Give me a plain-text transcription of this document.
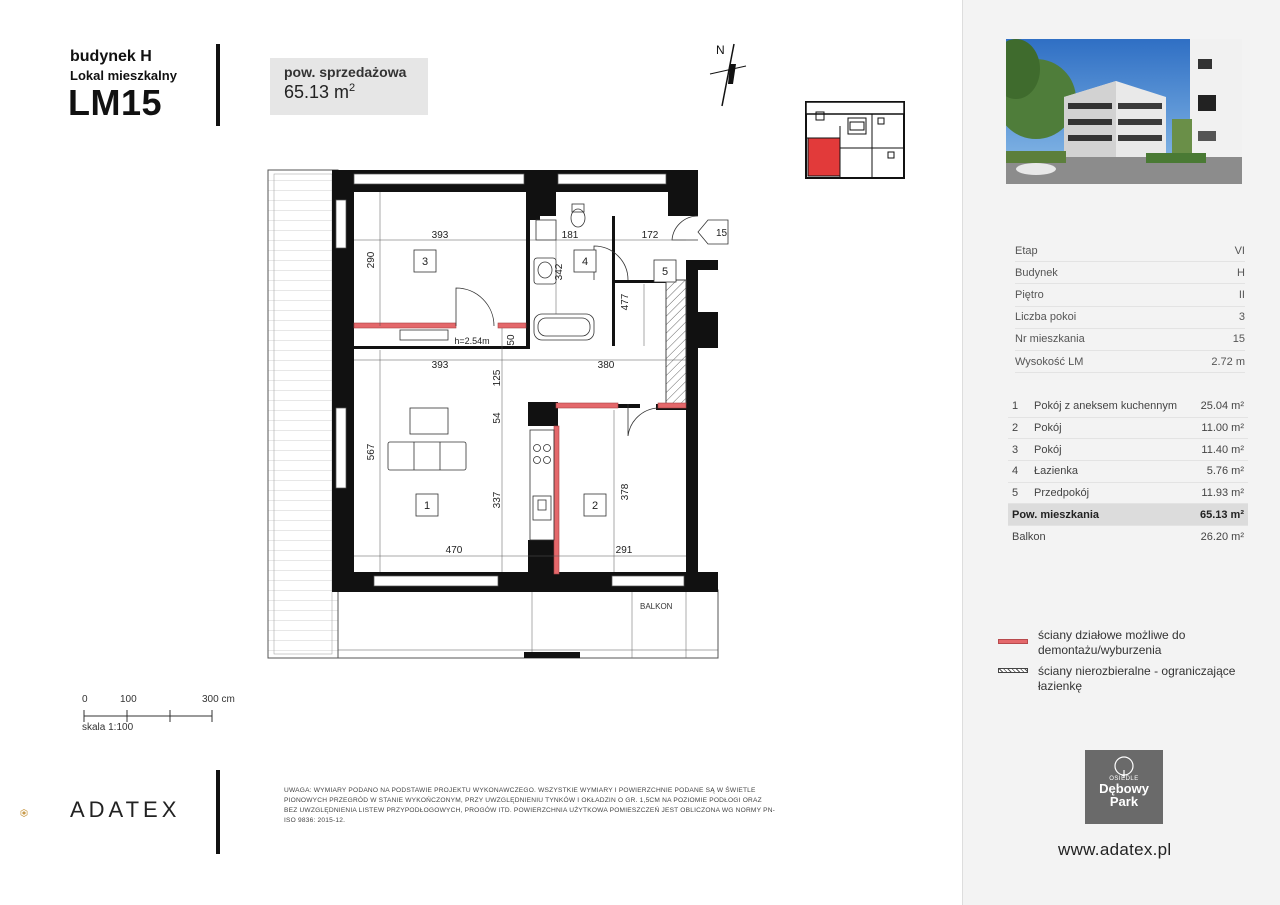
budynek H
Lokal mieszkalny
LM15
pow. sprzedażowa
65.13 $m^2$
N
BALKON
1	2
3	4
5
15
393	181	172
290
342
477
393	380
125
54
50
567
337	378
470	291
h=2.54m
0	100	300 cm
skala 1:100
ADATEX
UWAGA: WYMIARY PODANO NA PODSTAWIE PROJEKTU WYKONAWCZEGO. WSZYSTKIE WYMIARY I POWIERZCHNIE PODANE SĄ W ŚWIETLE PIONOWYCH PRZEGRÓD W STANIE WYKOŃCZONYM, PRZY UWZGLĘDNIENIU TYNKÓW I OKŁADZIN O GR. 1,5CM NA POZIOMIE PODŁOGI ORAZ BEZ UWZGLĘDNIENIA LISTEW PRZYPODŁOGOWYCH, PROGÓW ITD. POWIERZCHNIA UŻYTKOWA POMIESZCZEŃ JEST OBLICZONA WG NORMY PN-ISO 9836: 2015-12.
Etap	VI
Budynek	H
Piętro	II
Liczba pokoi	3
Nr mieszkania	15
Wysokość LM	2.72 m
1	Pokój z aneksem kuchennym	25.04 m²
2	Pokój	11.00 m²
3	Pokój	11.40 m²
4	Łazienka	5.76 m²
5	Przedpokój	11.93 m²
Pow. mieszkania	65.13 m²
Balkon	26.20 m²
ściany działowe możliwe do demontażu/wyburzenia
ściany nierozbieralne - ograniczające łazienkę
OSIEDLE
Dębowy
Park
www.adatex.pl
